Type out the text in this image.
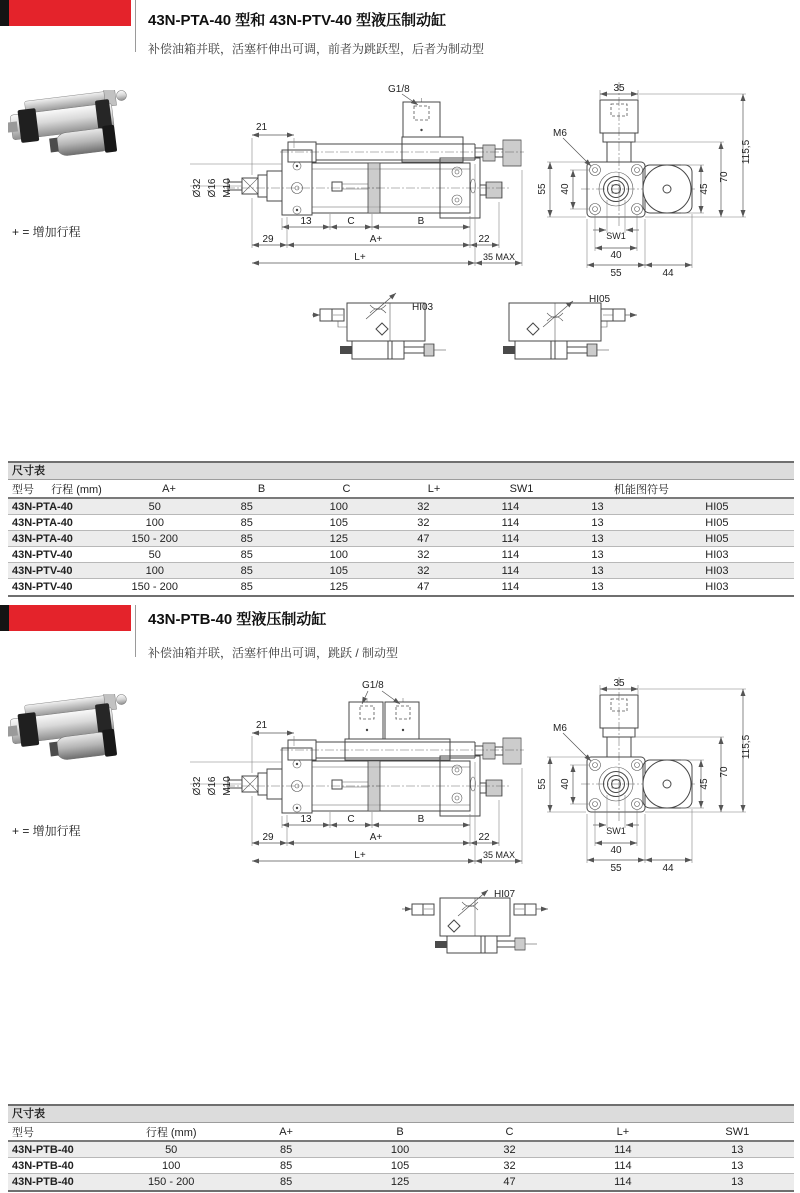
43N-PTA-40 型和 43N-PTV-40 型液压制动缸
补偿油箱并联，活塞杆伸出可调，前者为跳跃型，后者为制动型
+ = 增加行程
G1/8
21
Ø32 Ø16 M10
13	C	B
29	A+	22
L+	35 MAX
M6
35
55 40
SW1
40
55	44
45
70
115,5
HI03
HI05
尺寸表
型号	行程 (mm)	A+	B	C	L+	SW1	机能图符号
43N-PTA-40	50	85	100	32	114	13	HI05
43N-PTA-40	100	85	105	32	114	13	HI05
43N-PTA-40	150 - 200	85	125	47	114	13	HI05
43N-PTV-40	50	85	100	32	114	13	HI03
43N-PTV-40	100	85	105	32	114	13	HI03
43N-PTV-40	150 - 200	85	125	47	114	13	HI03
43N-PTB-40 型液压制动缸
补偿油箱并联，活塞杆伸出可调，跳跃 / 制动型
+ = 增加行程
G1/8
21
Ø32 Ø16 M10
13	C	B
29	A+	22
L+	35 MAX
M6
35
55 40
SW1
40
55	44
45
70
115,5
HI07
尺寸表
型号	行程 (mm)	A+	B	C	L+	SW1
43N-PTB-40	50	85	100	32	114	13
43N-PTB-40	100	85	105	32	114	13
43N-PTB-40	150 - 200	85	125	47	114	13
